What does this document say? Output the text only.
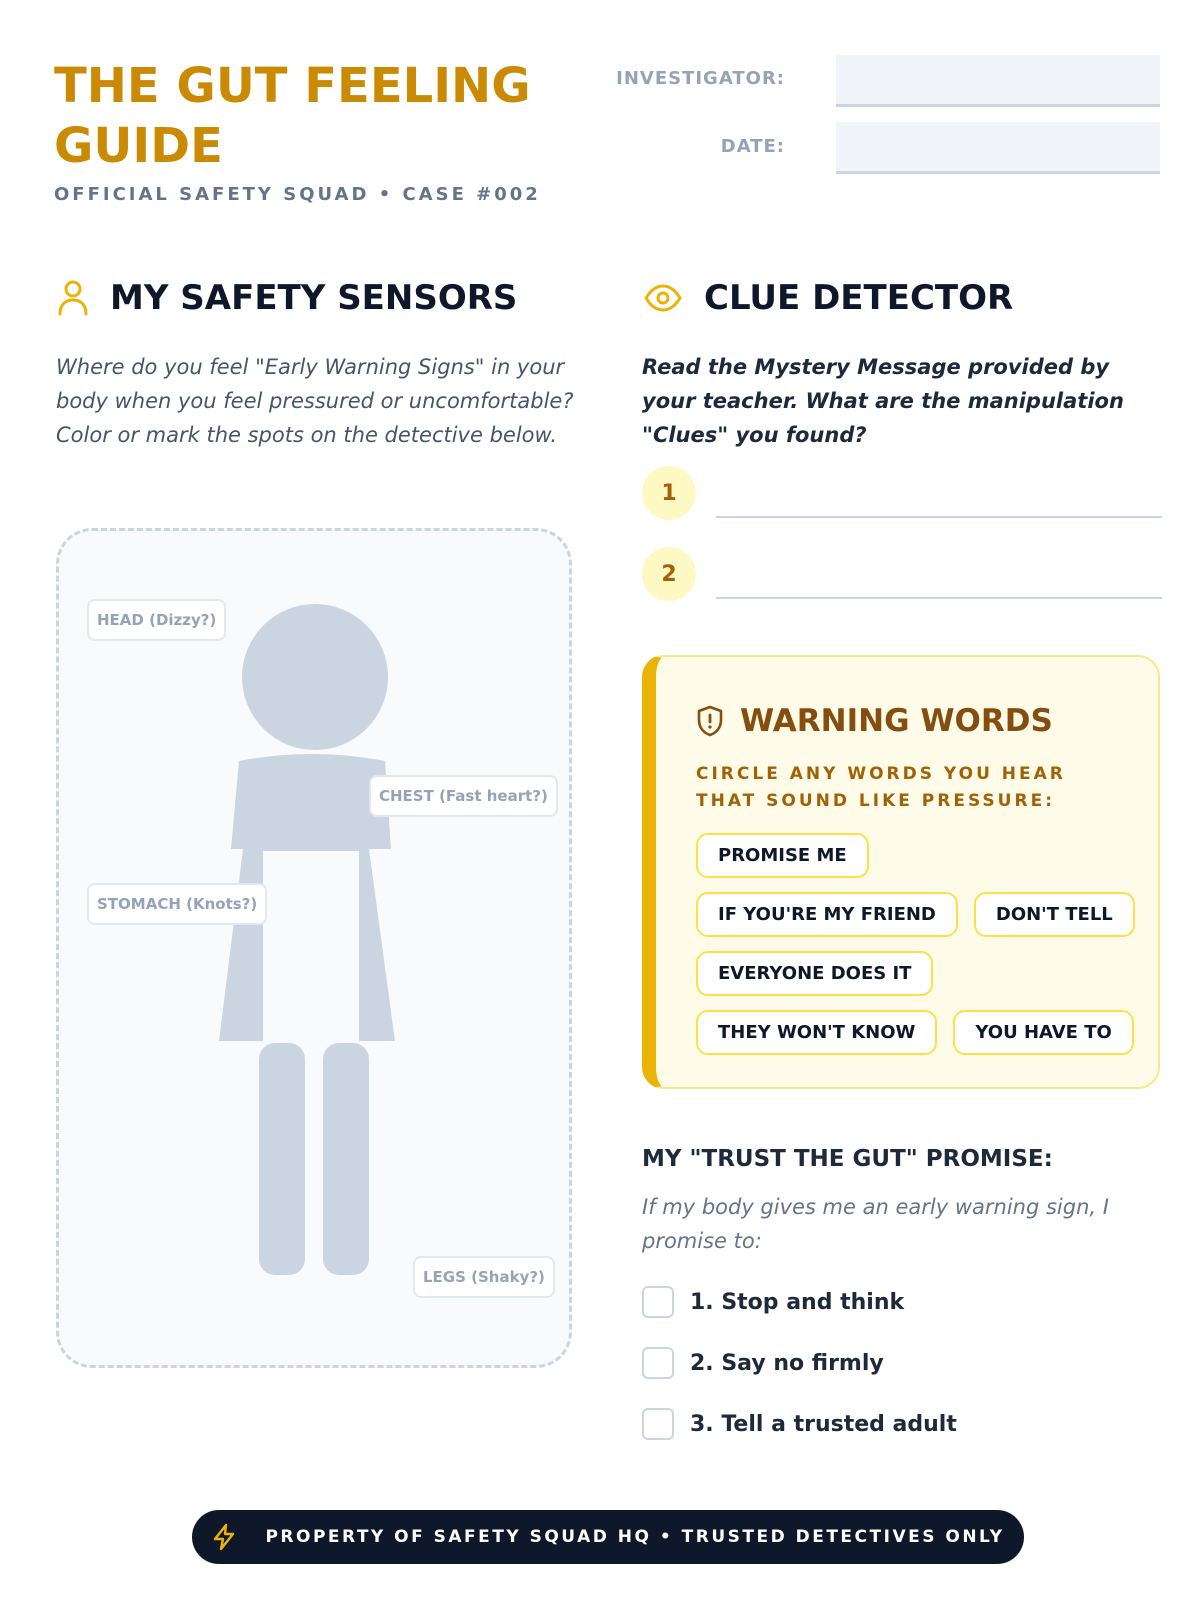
THE GUT FEELING
GUIDE
OFFICIAL SAFETY SQUAD • CASE #002
INVESTIGATOR:
DATE:
MY SAFETY SENSORS
Where do you feel "Early Warning Signs" in your body when you feel pressured or uncomfortable? Color or mark the spots on the detective below.
HEAD (Dizzy?)
CHEST (Fast heart?)
STOMACH (Knots?)
LEGS (Shaky?)
CLUE DETECTOR
Read the Mystery Message provided by your teacher. What are the manipulation "Clues" you found?
1
2
WARNING WORDS
CIRCLE ANY WORDS YOU HEAR THAT SOUND LIKE PRESSURE:
PROMISE ME
IF YOU'RE MY FRIEND	DON'T TELL
EVERYONE DOES IT
THEY WON'T KNOW	YOU HAVE TO
MY "TRUST THE GUT" PROMISE:
If my body gives me an early warning sign, I promise to:
1. Stop and think
2. Say no firmly
3. Tell a trusted adult
PROPERTY OF SAFETY SQUAD HQ • TRUSTED DETECTIVES ONLY
